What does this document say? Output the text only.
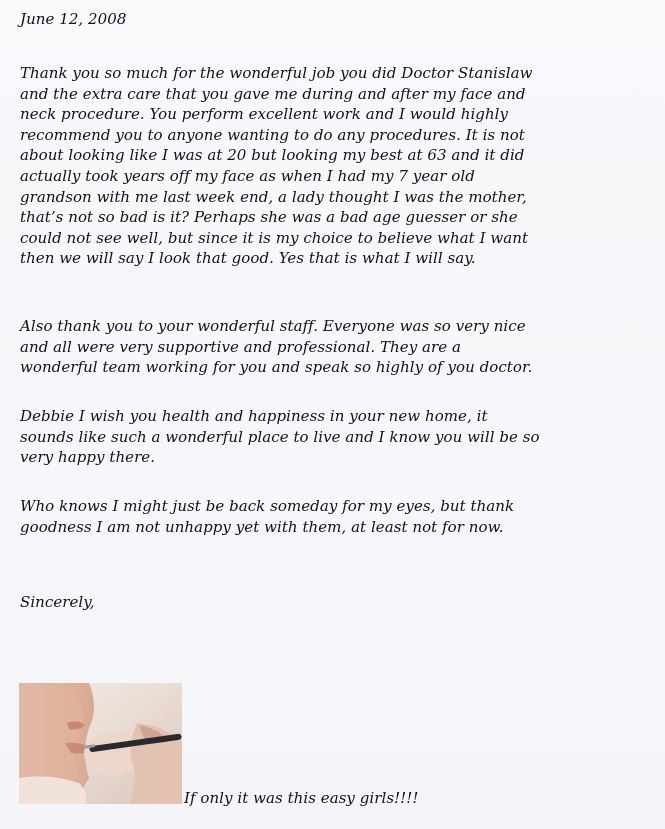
June 12, 2008

Thank you so much for the wonderful job you did Doctor Stanislaw
and the extra care that you gave me during and after my face and
neck procedure. You perform excellent work and I would highly
recommend you to anyone wanting to do any procedures. It is not
about looking like I was at 20 but looking my best at 63 and it did
actually took years off my face as when I had my 7 year old
grandson with me last week end, a lady thought I was the mother,
that’s not so bad is it? Perhaps she was a bad age guesser or she
could not see well, but since it is my choice to believe what I want
then we will say I look that good. Yes that is what I will say.

Also thank you to your wonderful staff. Everyone was so very nice
and all were very supportive and professional. They are a
wonderful team working for you and speak so highly of you doctor.

Debbie I wish you health and happiness in your new home, it
sounds like such a wonderful place to live and I know you will be so
very happy there.

Who knows I might just be back someday for my eyes, but thank
goodness I am not unhappy yet with them, at least not for now.

Sincerely,
If only it was this easy girls!!!!
